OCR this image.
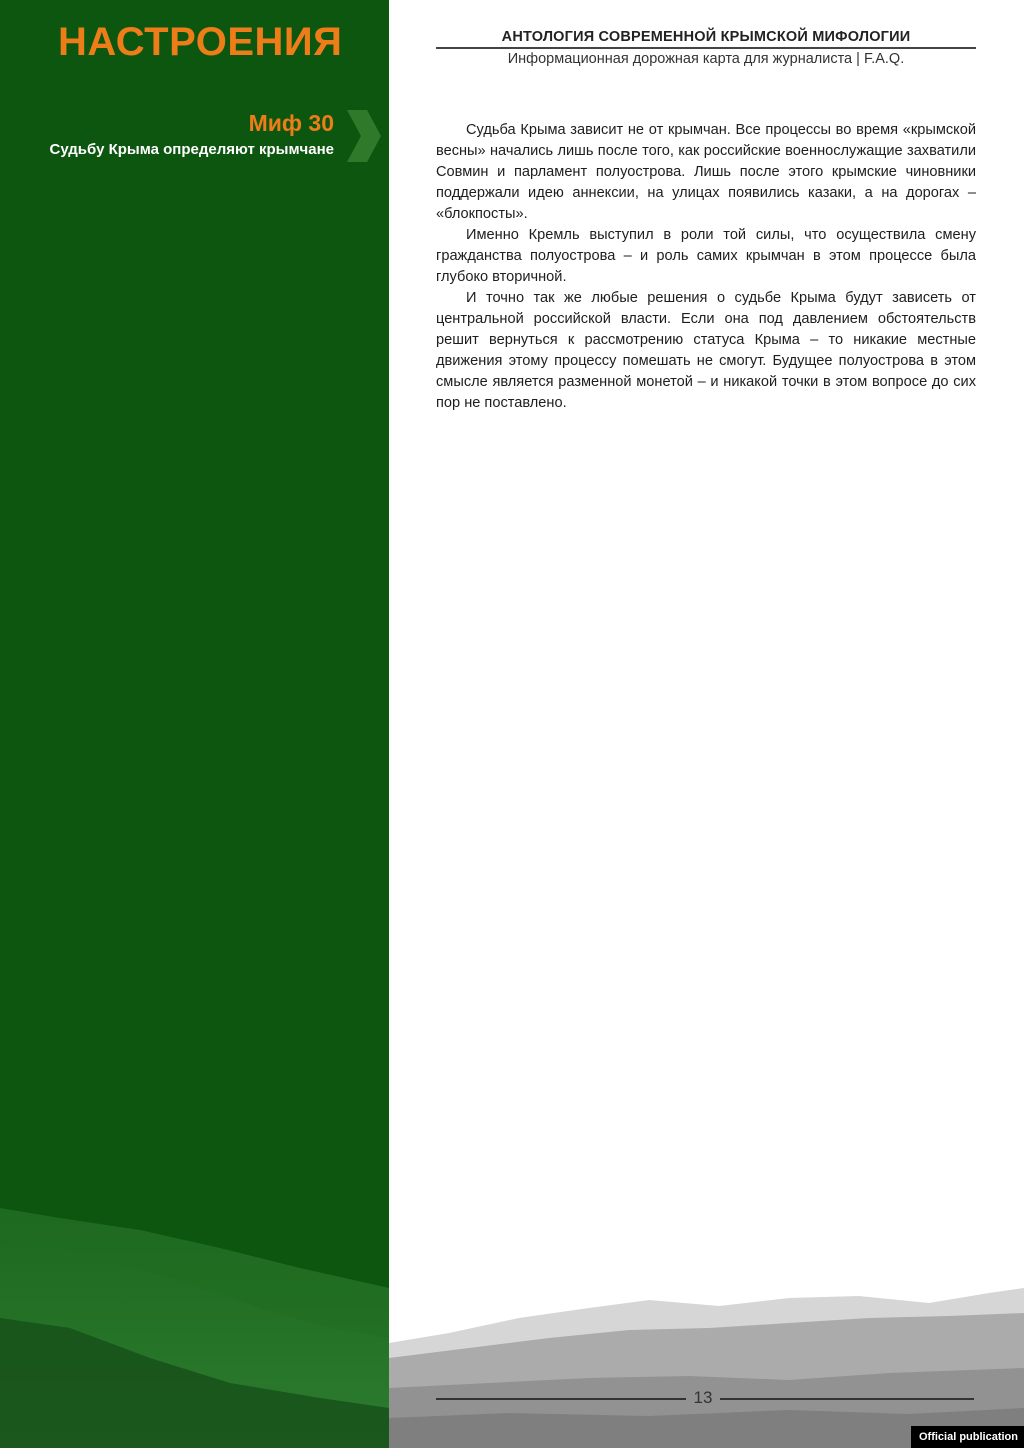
НАСТРОЕНИЯ
Миф 30
Судьбу Крыма определяют крымчане
АНТОЛОГИЯ СОВРЕМЕННОЙ КРЫМСКОЙ МИФОЛОГИИ
Информационная дорожная карта для журналиста | F.A.Q.

Судьба Крыма зависит не от крымчан. Все процессы во время «крымской весны» начались лишь после того, как российские военнослужащие захватили Совмин и парламент полуострова. Лишь после этого крымские чиновники поддержали идею аннексии, на улицах появились казаки, а на дорогах – «блокпосты».

Именно Кремль выступил в роли той силы, что осуществила смену гражданства полуострова – и роль самих крымчан в этом процессе была глубоко вторичной.

И точно так же любые решения о судьбе Крыма будут зависеть от центральной российской власти. Если она под давлением обстоятельств решит вернуться к рассмотрению статуса Крыма – то никакие местные движения этому процессу помешать не смогут. Будущее полуострова в этом смысле является разменной монетой – и никакой точки в этом вопросе до сих пор не поставлено.

13
Official publication
